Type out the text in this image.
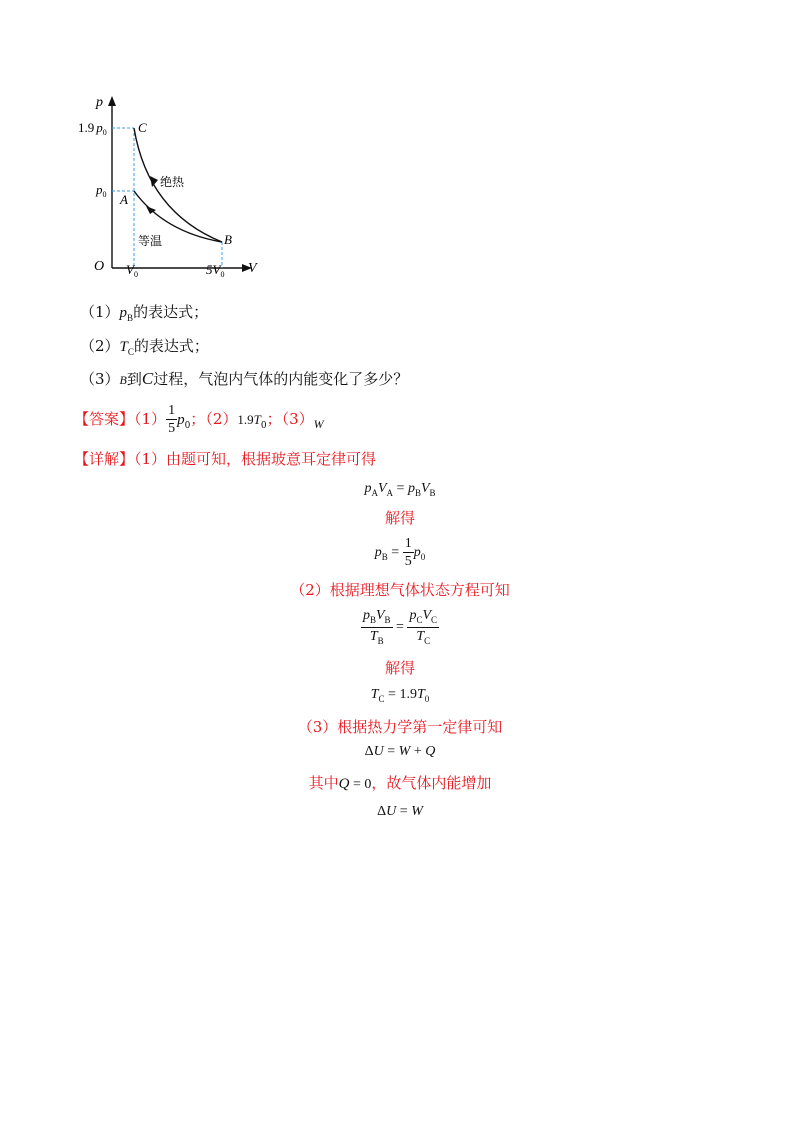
p
V
O
1.9 $p_0$
$p_0$
$V_0$	$5V_0$
C
A
B
绝热
等温
$(1)p_B$的表达式；
$(2)T_C$的表达式；
（3）B到C过程，气泡内气体的内能变化了多少？
【答案】$(1) \frac{1}{5} p_0$；$(2)1.9T_0$；$(3)_W$
【详解】（1）由题可知，根据玻意耳定律可得
$p_AV_A = p_BV_B$
解得
$p_B = \frac{1}{5} p_0$
（2）根据理想气体状态方程可知
$\frac{p_BV_B}{T_B} = \frac{p_CV_C}{T_C}$
解得
$T_C = 1.9T_0$
（3）根据热力学第一定律可知
ΔU = W + Q
其中Q = 0，故气体内能增加
ΔU = W
